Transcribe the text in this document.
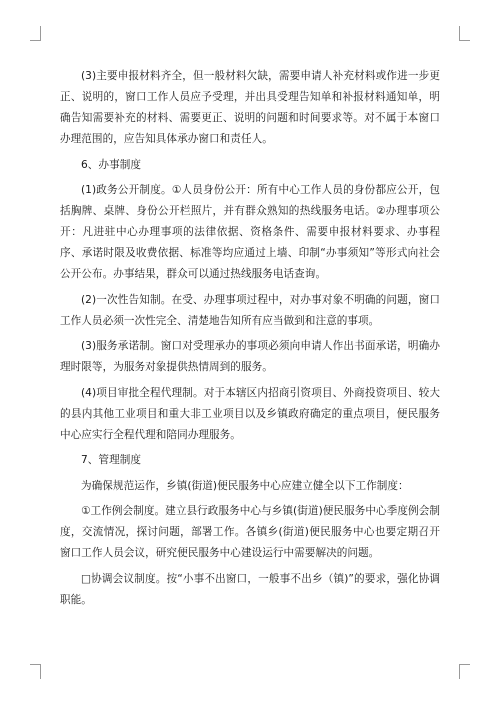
(3)主要申报材料齐全，但一般材料欠缺，需要申请人补充材料或作进一步更正、说明的，窗口工作人员应予受理，并出具受理告知单和补报材料通知单，明确告知需要补充的材料、需要更正、说明的问题和时间要求等。对不属于本窗口办理范围的，应告知具体承办窗口和责任人。

6、办事制度

(1)政务公开制度。①人员身份公开：所有中心工作人员的身份都应公开，包括胸牌、桌牌、身份公开栏照片，并有群众熟知的热线服务电话。②办理事项公开：凡进驻中心办理事项的法律依据、资格条件、需要申报材料要求、办事程序、承诺时限及收费依据、标准等均应通过上墙、印制“办事须知”等形式向社会公开公布。办事结果，群众可以通过热线服务电话查询。

(2)一次性告知制。在受、办理事项过程中，对办事对象不明确的问题，窗口工作人员必须一次性完全、清楚地告知所有应当做到和注意的事项。

(3)服务承诺制。窗口对受理承办的事项必须向申请人作出书面承诺，明确办理时限等，为服务对象提供热情周到的服务。

(4)项目审批全程代理制。对于本辖区内招商引资项目、外商投资项目、较大的县内其他工业项目和重大非工业项目以及乡镇政府确定的重点项目，便民服务中心应实行全程代理和陪同办理服务。

7、管理制度

为确保规范运作，乡镇(街道)便民服务中心应建立健全以下工作制度：

①工作例会制度。建立县行政服务中心与乡镇(街道)便民服务中心季度例会制度，交流情况，探讨问题，部署工作。各镇乡(街道)便民服务中心也要定期召开窗口工作人员会议，研究便民服务中心建设运行中需要解决的问题。

□协调会议制度。按“小事不出窗口，一般事不出乡（镇)”的要求，强化协调职能。
